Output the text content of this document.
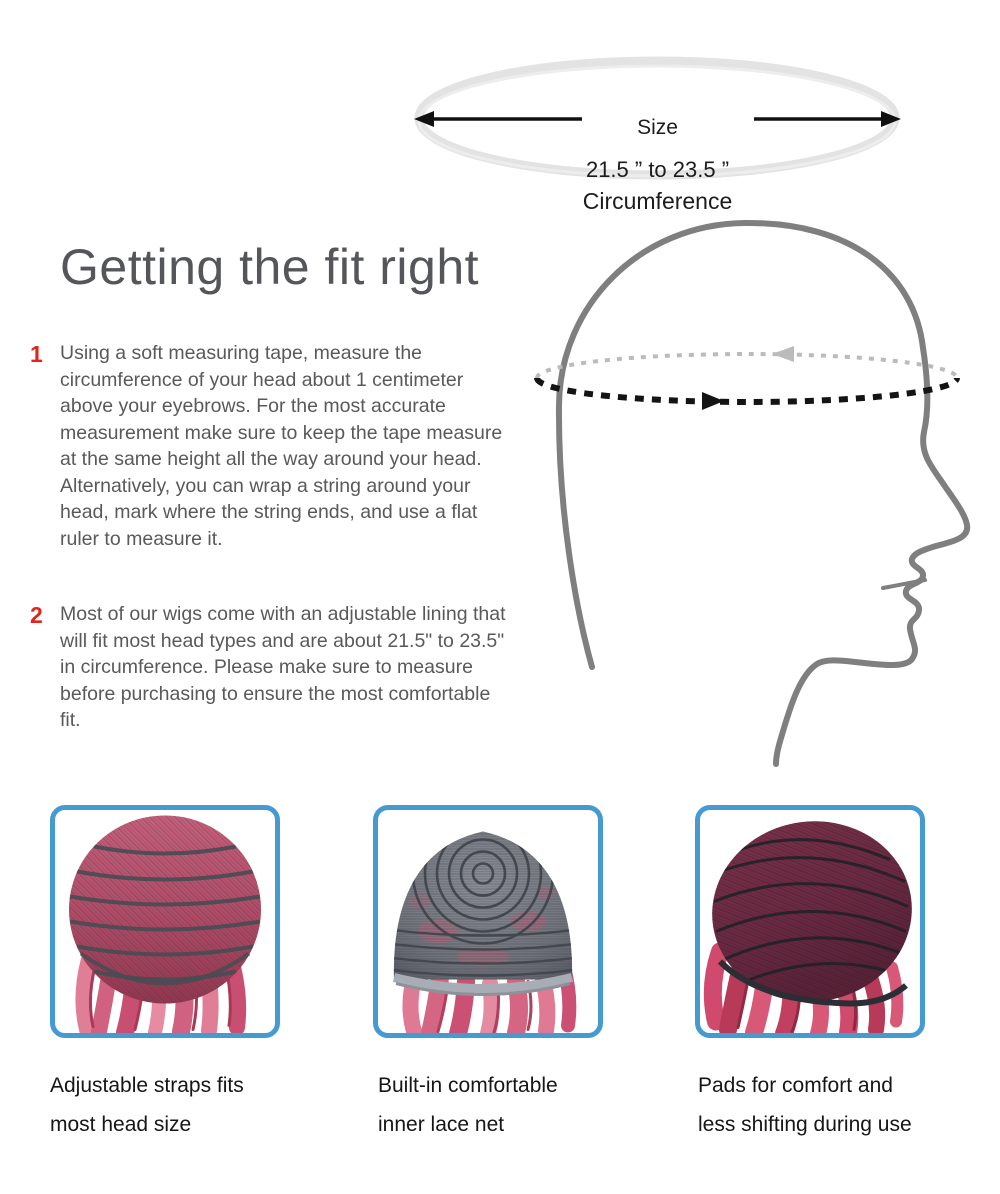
Size
21.5 ” to 23.5 ”
Circumference
Getting the fit right
1 Using a soft measuring tape, measure the circumference of your head about 1 centimeter above your eyebrows. For the most accurate measurement make sure to keep the tape measure at the same height all the way around your head. Alternatively, you can wrap a string around your head, mark where the string ends, and use a flat ruler to measure it.
2 Most of our wigs come with an adjustable lining that will fit most head types and are about 21.5" to 23.5" in circumference. Please make sure to measure before purchasing to ensure the most comfortable fit.
Adjustable straps fits
most head size
Built-in comfortable
inner lace net
Pads for comfort and
less shifting during use
